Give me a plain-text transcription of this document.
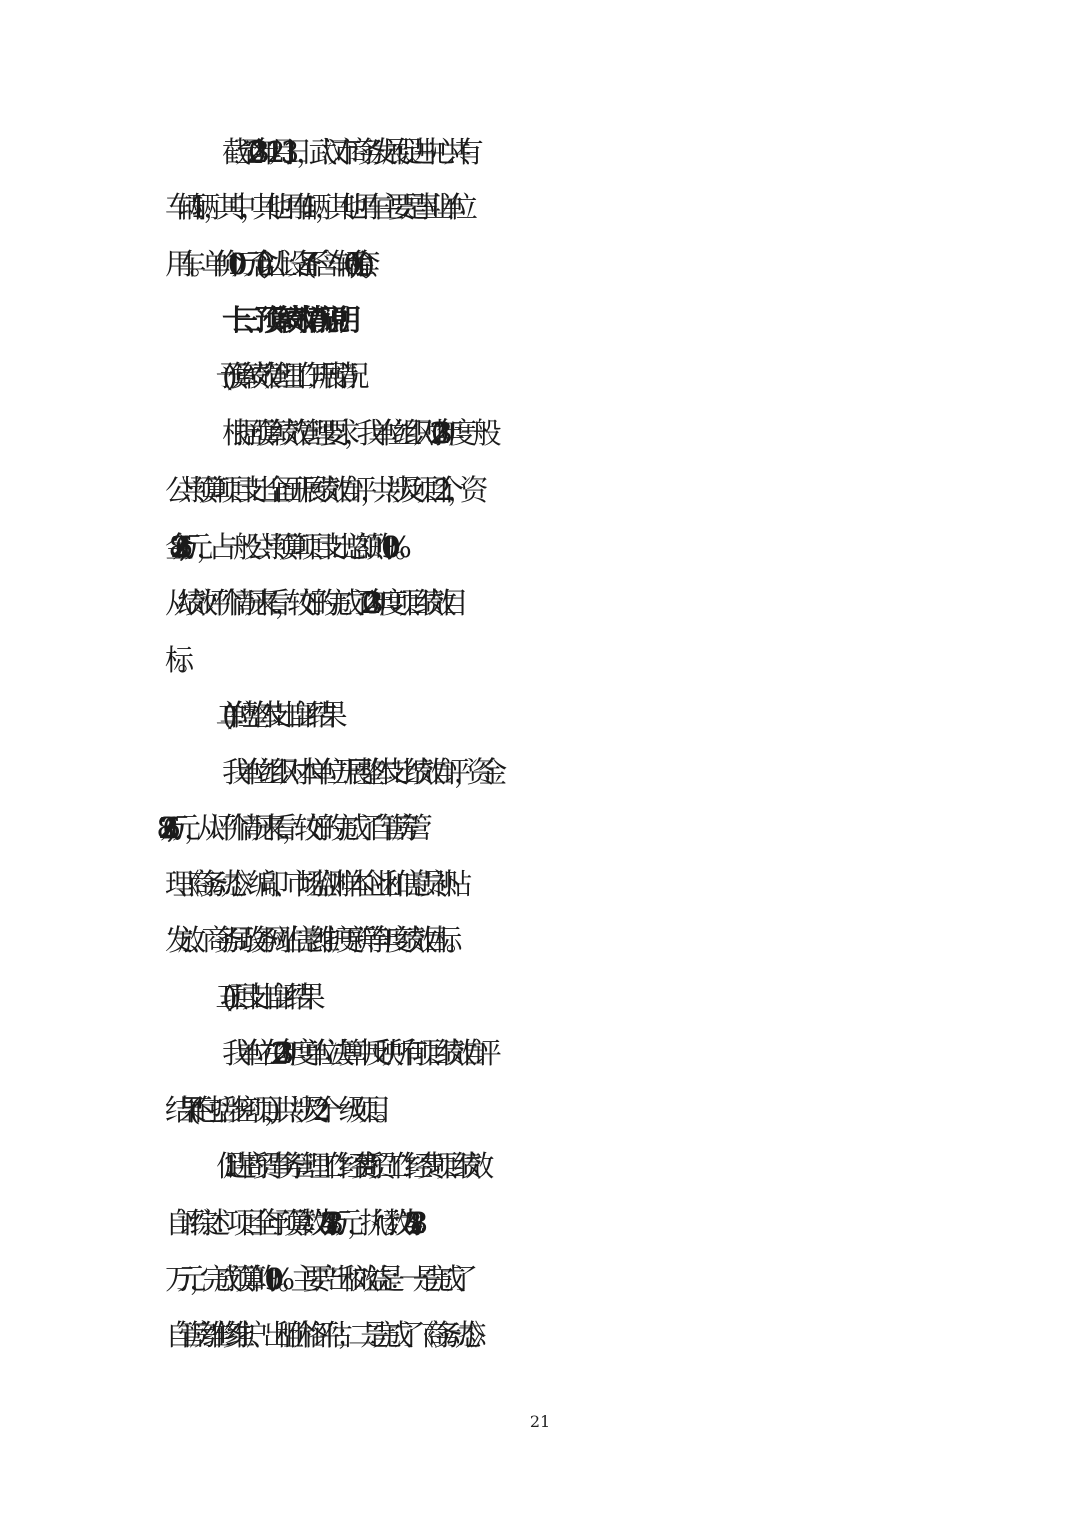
截至2023年12月31日，武汉市商务发展促进中心共有
车辆1辆，其中，其他用车1辆，其他用车主要是事业单位
用车。单价100万元(含)以上设备(不含车辆)0台(套)。
十三、预算绩效情况说明
(一)预算绩效管理工作开展情况
根据预算绩效管理要求，我单位组织对2023年度一般
公共预算项目支出全面开展绩效自评，共涉及项目2个，资
金1,226.82万元，占一般公共预算项目支出总额的100%。
从绩效评价情况来看，较好的完成了2023年度项目绩效目
标。
(二)单位整体支出自评结果
我单位组织对本单位开展整体支出绩效自评，资金
1,226.82万元，从评价情况来看，较好的完成了自管房管
理、《商务动态》编印、市场监测样本企业和信息员补贴
发放、商务局政务网站信息维护更新等年度绩效目标。
(三)项目支出自评结果
我单位在2023年度单位决算中反映所有项目绩效自评
结果(不包括涉密项目)，共涉及2个一级项目。
1.促进商贸事务管理工作经费-商贸工作经费项目绩效
自评综述：项目全年预算数为28.34万元，执行数为28.34
万元，完成预算的100%。主要产出和效益是：一是完成了
自管房维修维护、出租价格评估；二是完成了《商务动态》
21
